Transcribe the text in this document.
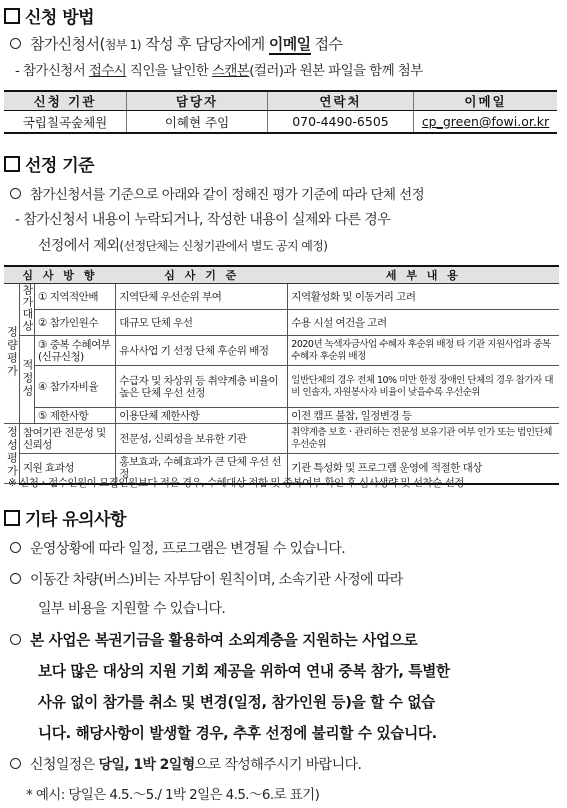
신청 방법
참가신청서(첨부 1) 작성 후 담당자에게 이메일 접수
- 참가신청서 접수시 직인을 날인한 스캔본(컬러)과 원본 파일을 함께 첨부
신청 기관	담당자	연락처	이메일
국립칠곡숲체원	이혜현 주임	070-4490-6505	cp_green@fowi.or.kr
선정 기준
참가신청서를 기준으로 아래와 같이 정해진 평가 기준에 따라 단체 선정
- 참가신청서 내용이 누락되거나, 작성한 내용이 실제와 다른 경우
선정에서 제외(선정단체는 신청기관에서 별도 공지 예정)
심 사 방 향			심 사 기 준	세 부 내 용
정량평가	참가대상	① 지역적안배	지역단체 우선순위 부여	지역활성화 및 이동거리 고려
		② 참가인원수	대규모 단체 우선	수용 시설 여건을 고려
	적정성	③ 중복 수혜여부 (신규신청)	유사사업 기 선정 단체 후순위 배정	2020년 녹색자금사업 수혜자 후순위 배정 타 기관 지원사업과 중복수혜자 후순위 배정
		④ 참가자비율	수급자 및 차상위 등 취약계층 비율이 높은 단체 우선 선정	일반단체의 경우 전체 10% 미만 한정 장애인 단체의 경우 참가자 대비 인솔자, 자원봉사자 비율이 낮을수록 우선순위
		⑤ 제한사항	이용단체 제한사항	이전 캠프 불참, 일정변경 등
정성평가	참여기관 전문성 및 신뢰성		전문성, 신뢰성을 보유한 기관	취약계층 보호ㆍ관리하는 전문성 보유기관 여부 인가 또는 법인단체 우선순위
	지원 효과성		홍보효과, 수혜효과가 큰 단체 우선 선정	기관 특성화 및 프로그램 운영에 적절한 대상
※ 신청ㆍ접수인원이 모집인원보다 적은 경우, 수혜대상 적합 및 중복여부 확인 후 심사생략 및 선착순 선정
기타 유의사항
운영상황에 따라 일정, 프로그램은 변경될 수 있습니다.
이동간 차량(버스)비는 자부담이 원칙이며, 소속기관 사정에 따라
일부 비용을 지원할 수 있습니다.
본 사업은 복권기금을 활용하여 소외계층을 지원하는 사업으로
보다 많은 대상의 지원 기회 제공을 위하여 연내 중복 참가, 특별한
사유 없이 참가를 취소 및 변경(일정, 참가인원 등)을 할 수 없습
니다. 해당사항이 발생할 경우, 추후 선정에 불리할 수 있습니다.
신청일정은 당일, 1박 2일형으로 작성해주시기 바랍니다.
* 예시: 당일은 4.5.～5./ 1박 2일은 4.5.～6.로 표기)
